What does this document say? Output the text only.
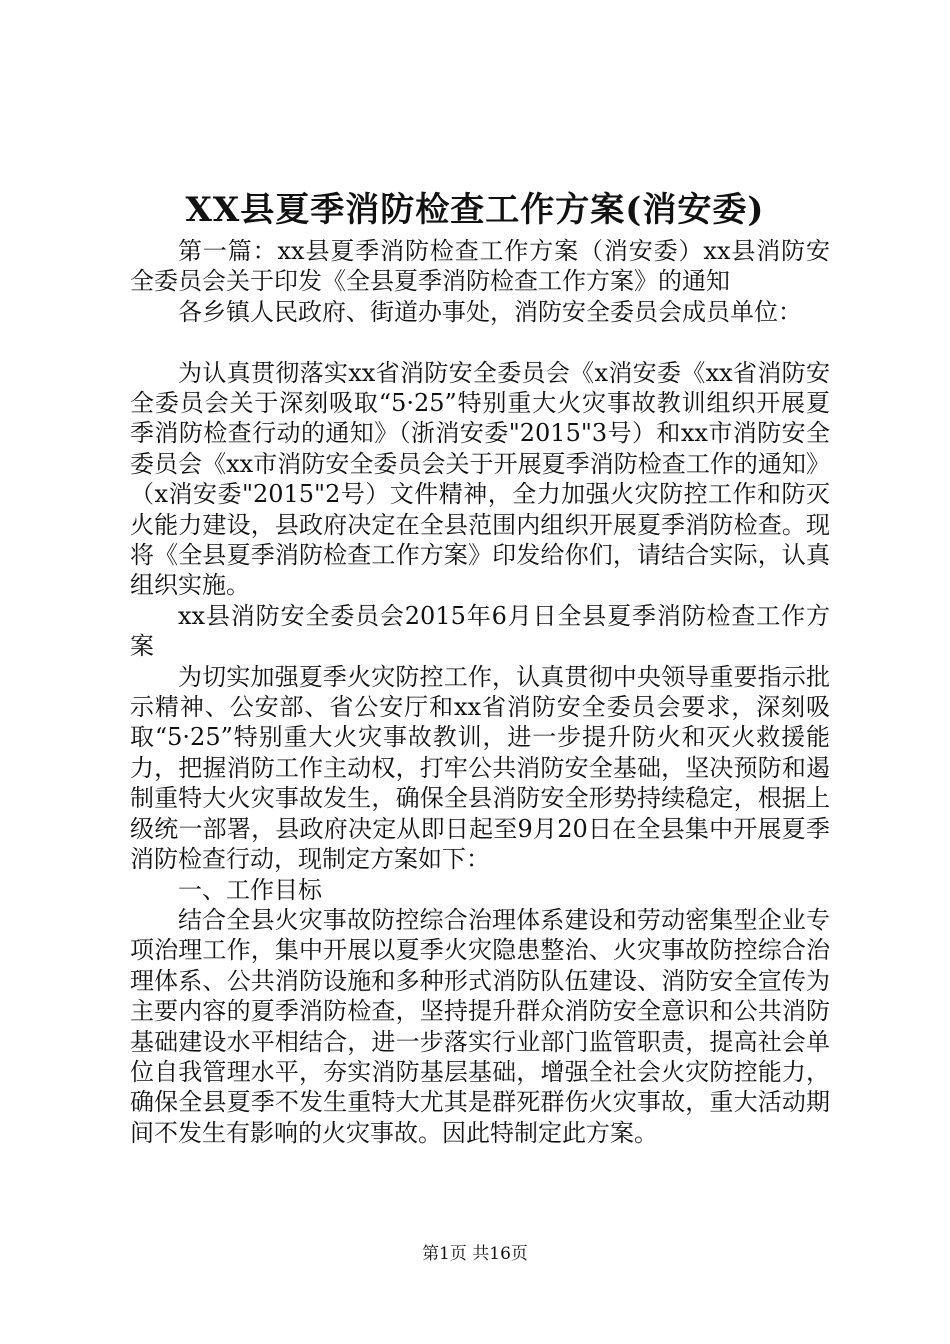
XX县夏季消防检查工作方案(消安委)

第一篇：xx县夏季消防检查工作方案（消安委）xx县消防安全委员会关于印发《全县夏季消防检查工作方案》的通知

各乡镇人民政府、街道办事处，消防安全委员会成员单位：

为认真贯彻落实xx省消防安全委员会《x消安委《xx省消防安全委员会关于深刻吸取“5·25”特别重大火灾事故教训组织开展夏季消防检查行动的通知》（浙消安委"2015"3号）和xx市消防安全委员会《xx市消防安全委员会关于开展夏季消防检查工作的通知》（x消安委"2015"2号）文件精神，全力加强火灾防控工作和防灭火能力建设，县政府决定在全县范围内组织开展夏季消防检查。现将《全县夏季消防检查工作方案》印发给你们，请结合实际，认真组织实施。

xx县消防安全委员会2015年6月日全县夏季消防检查工作方案

为切实加强夏季火灾防控工作，认真贯彻中央领导重要指示批示精神、公安部、省公安厅和xx省消防安全委员会要求，深刻吸取“5·25”特别重大火灾事故教训，进一步提升防火和灭火救援能力，把握消防工作主动权，打牢公共消防安全基础，坚决预防和遏制重特大火灾事故发生，确保全县消防安全形势持续稳定，根据上级统一部署，县政府决定从即日起至9月20日在全县集中开展夏季消防检查行动，现制定方案如下：

一、工作目标

结合全县火灾事故防控综合治理体系建设和劳动密集型企业专项治理工作，集中开展以夏季火灾隐患整治、火灾事故防控综合治理体系、公共消防设施和多种形式消防队伍建设、消防安全宣传为主要内容的夏季消防检查，坚持提升群众消防安全意识和公共消防基础建设水平相结合，进一步落实行业部门监管职责，提高社会单位自我管理水平，夯实消防基层基础，增强全社会火灾防控能力，确保全县夏季不发生重特大尤其是群死群伤火灾事故，重大活动期间不发生有影响的火灾事故。因此特制定此方案。

第1页 共16页
